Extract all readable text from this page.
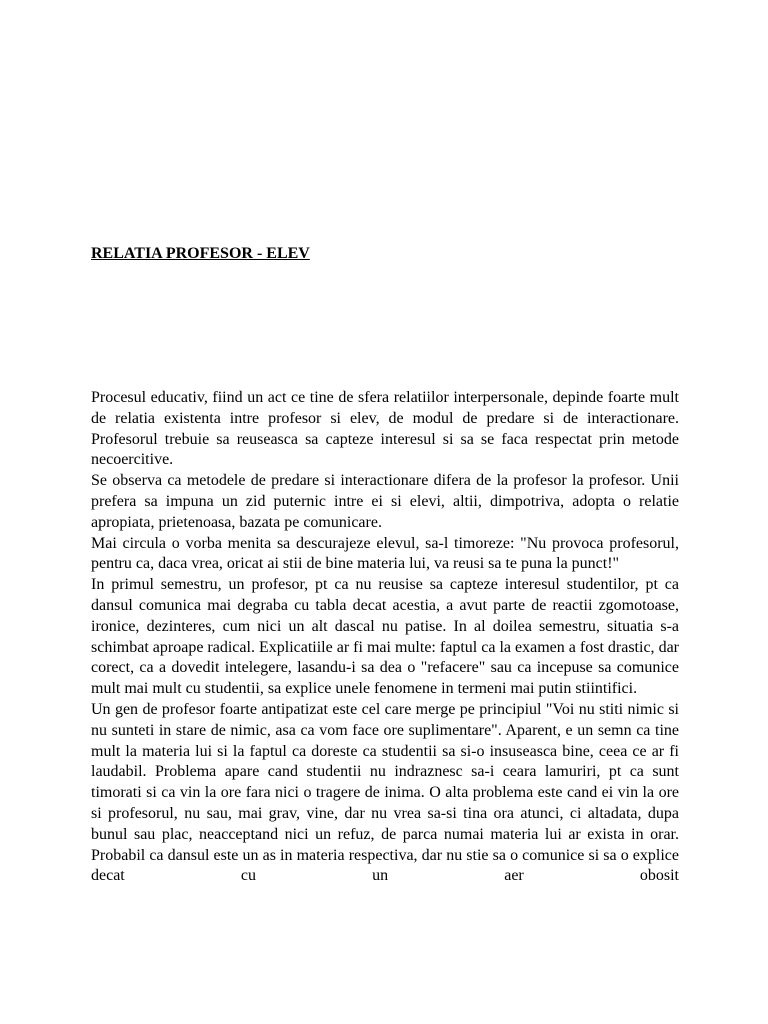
RELATIA PROFESOR - ELEV

Procesul educativ, fiind un act ce tine de sfera relatiilor interpersonale, depinde foarte mult de relatia existenta intre profesor si elev, de modul de predare si de interactionare. Profesorul trebuie sa reuseasca sa capteze interesul si sa se faca respectat prin metode necoercitive.

Se observa ca metodele de predare si interactionare difera de la profesor la profesor. Unii prefera sa impuna un zid puternic intre ei si elevi, altii, dimpotriva, adopta o relatie apropiata, prietenoasa, bazata pe comunicare.

Mai circula o vorba menita sa descurajeze elevul, sa-l timoreze: "Nu provoca profesorul, pentru ca, daca vrea, oricat ai stii de bine materia lui, va reusi sa te puna la punct!"

In primul semestru, un profesor, pt ca nu reusise sa capteze interesul studentilor, pt ca dansul comunica mai degraba cu tabla decat acestia, a avut parte de reactii zgomotoase, ironice, dezinteres, cum nici un alt dascal nu patise. In al doilea semestru, situatia s-a schimbat aproape radical. Explicatiile ar fi mai multe: faptul ca la examen a fost drastic, dar corect, ca a dovedit intelegere, lasandu-i sa dea o "refacere" sau ca incepuse sa comunice mult mai mult cu studentii, sa explice unele fenomene in termeni mai putin stiintifici.

Un gen de profesor foarte antipatizat este cel care merge pe principiul "Voi nu stiti nimic si nu sunteti in stare de nimic, asa ca vom face ore suplimentare". Aparent, e un semn ca tine mult la materia lui si la faptul ca doreste ca studentii sa si-o insuseasca bine, ceea ce ar fi laudabil. Problema apare cand studentii nu indraznesc sa-i ceara lamuriri, pt ca sunt timorati si ca vin la ore fara nici o tragere de inima. O alta problema este cand ei vin la ore si profesorul, nu sau, mai grav, vine, dar nu vrea sa-si tina ora atunci, ci altadata, dupa bunul sau plac, neacceptand nici un refuz, de parca numai materia lui ar exista in orar. Probabil ca dansul este un as in materia respectiva, dar nu stie sa o comunice si sa o explice decat cu un aer obosit
